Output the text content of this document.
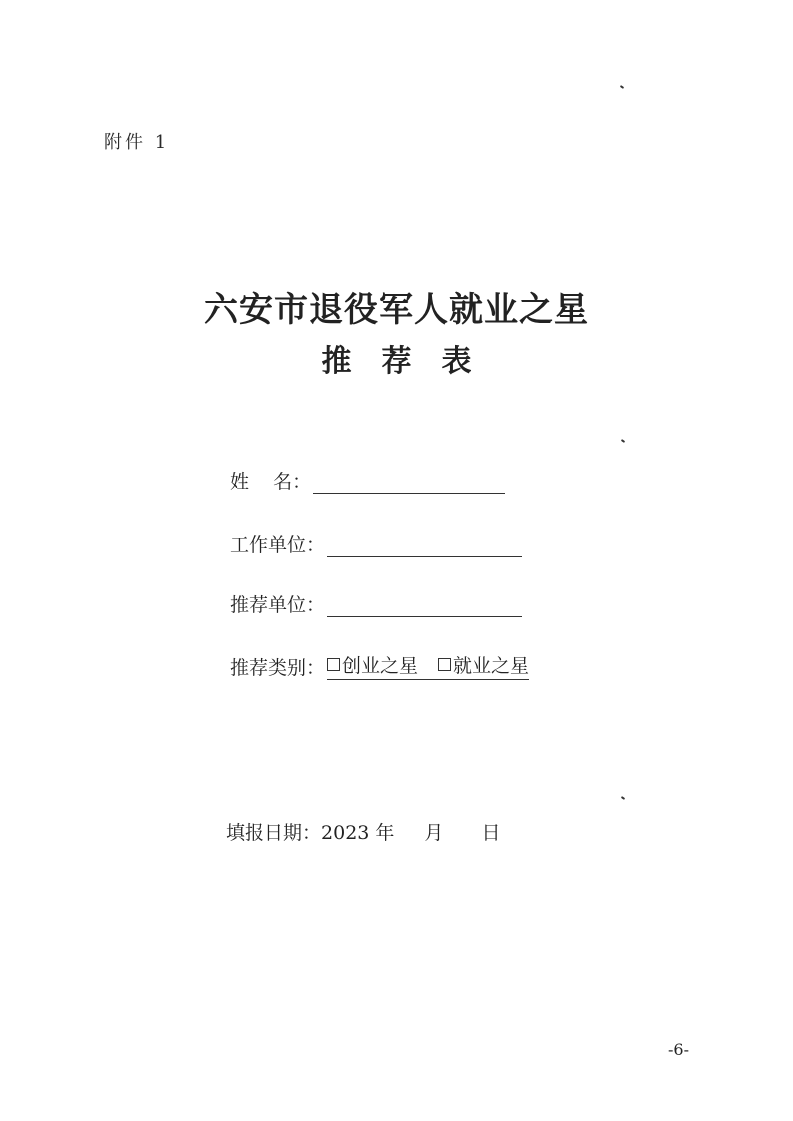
附件 1
六安市退役军人就业之星
推荐表
姓    名：
工作单位：
推荐单位：
推荐类别： 创业之星 就业之星
填报日期： 2023 年 月 日
-6-
